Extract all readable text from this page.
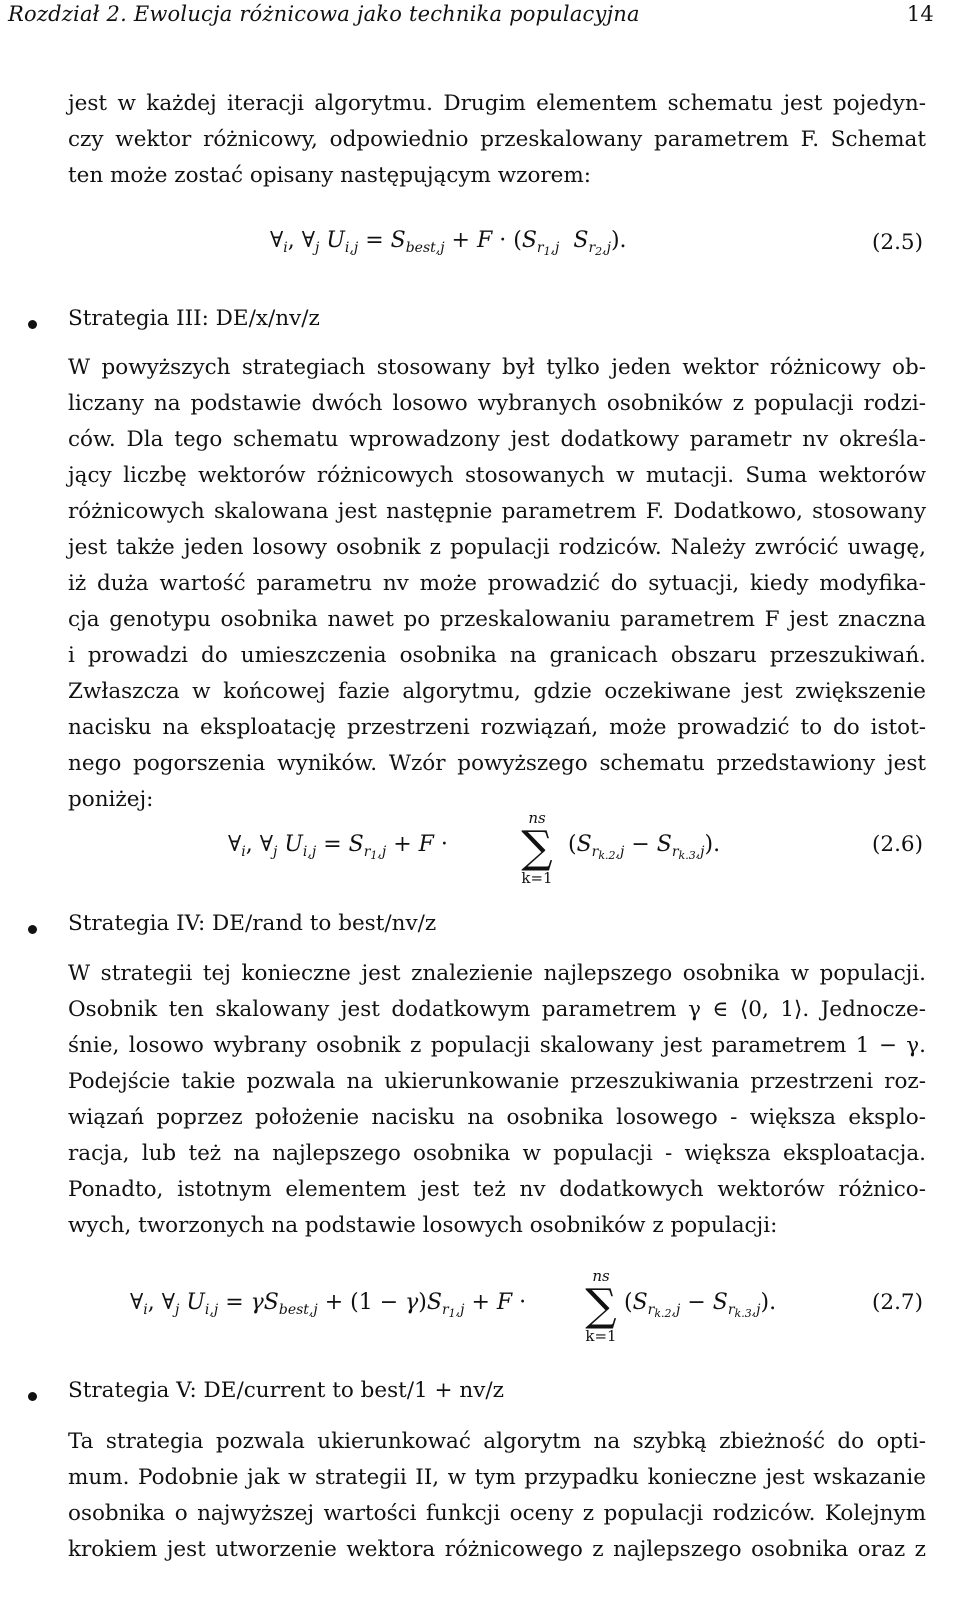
Rozdział 2. Ewolucja różnicowa jako technika populacyjna	14
jest w każdej iteracji algorytmu. Drugim elementem schematu jest pojedyn-
czy wektor różnicowy, odpowiednio przeskalowany parametrem F. Schemat
ten może zostać opisany następującym wzorem:
$\forall_i$, $\forall_j$ $U_{i,j} = S_{best,j} + F \cdot (S_{r_1,j}$ $S_{r_2,j}$).	(2.5)
Strategia III: DE/x/nv/z
W powyższych strategiach stosowany był tylko jeden wektor różnicowy ob-
liczany na podstawie dwóch losowo wybranych osobników z populacji rodzi-
ców. Dla tego schematu wprowadzony jest dodatkowy parametr nv określa-
jący liczbę wektorów różnicowych stosowanych w mutacji. Suma wektorów
różnicowych skalowana jest następnie parametrem F. Dodatkowo, stosowany
jest także jeden losowy osobnik z populacji rodziców. Należy zwrócić uwagę,
iż duża wartość parametru nv może prowadzić do sytuacji, kiedy modyfika-
cja genotypu osobnika nawet po przeskalowaniu parametrem F jest znaczna
i prowadzi do umieszczenia osobnika na granicach obszaru przeszukiwań.
Zwłaszcza w końcowej fazie algorytmu, gdzie oczekiwane jest zwiększenie
nacisku na eksploatację przestrzeni rozwiązań, może prowadzić to do istot-
nego pogorszenia wyników. Wzór powyższego schematu przedstawiony jest
poniżej:
$\forall_i$, $\forall_j$ $U_{i,j} = S_{r_1,j} + F$ ·
ns
∑
k=1
$(S_{r_{k.2},j} - S_{r_{k.3},j})$.	(2.6)
Strategia IV: DE/rand to best/nv/z
W strategii tej konieczne jest znalezienie najlepszego osobnika w populacji.
Osobnik ten skalowany jest dodatkowym parametrem γ ∈ ⟨0, 1⟩. Jednocze-
śnie, losowo wybrany osobnik z populacji skalowany jest parametrem 1 − γ.
Podejście takie pozwala na ukierunkowanie przeszukiwania przestrzeni roz-
wiązań poprzez położenie nacisku na osobnika losowego - większa eksplo-
racja, lub też na najlepszego osobnika w populacji - większa eksploatacja.
Ponadto, istotnym elementem jest też nv dodatkowych wektorów różnico-
wych, tworzonych na podstawie losowych osobników z populacji:
$\forall_i$, $\forall_j$ $U_{i,j} = \gamma S_{best,j} + (1 - \gamma)S_{r_1,j} + F$ ·
ns
∑
k=1
$(S_{r_{k.2},j} - S_{r_{k.3},j})$.	(2.7)
Strategia V: DE/current to best/1 + nv/z
Ta strategia pozwala ukierunkować algorytm na szybką zbieżność do opti-
mum. Podobnie jak w strategii II, w tym przypadku konieczne jest wskazanie
osobnika o najwyższej wartości funkcji oceny z populacji rodziców. Kolejnym
krokiem jest utworzenie wektora różnicowego z najlepszego osobnika oraz z
